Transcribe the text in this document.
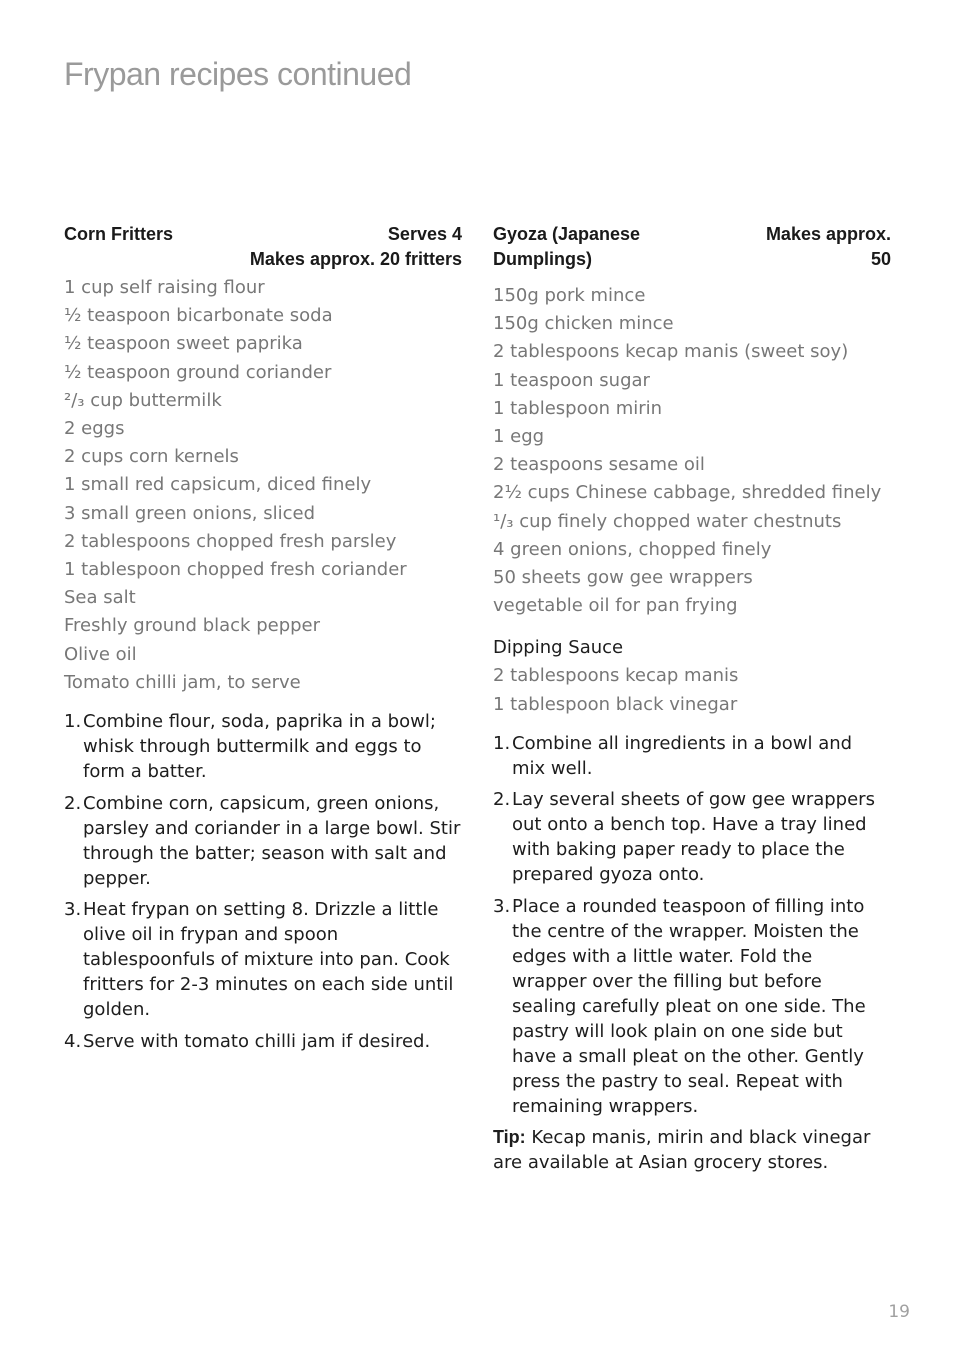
Frypan recipes continued
Corn Fritters	Serves 4
Makes approx. 20 fritters
1 cup self raising flour
½ teaspoon bicarbonate soda
½ teaspoon sweet paprika
½ teaspoon ground coriander
²/₃ cup buttermilk
2 eggs
2 cups corn kernels
1 small red capsicum, diced finely
3 small green onions, sliced
2 tablespoons chopped fresh parsley
1 tablespoon chopped fresh coriander
Sea salt
Freshly ground black pepper
Olive oil
Tomato chilli jam, to serve
1. Combine flour, soda, paprika in a bowl; whisk through buttermilk and eggs to form a batter.
2. Combine corn, capsicum, green onions, parsley and coriander in a large bowl. Stir through the batter; season with salt and pepper.
3. Heat frypan on setting 8. Drizzle a little olive oil in frypan and spoon tablespoonfuls of mixture into pan. Cook fritters for 2-3 minutes on each side until golden.
4. Serve with tomato chilli jam if desired.
Gyoza (Japanese Dumplings)
Makes approx. 50
150g pork mince
150g chicken mince
2 tablespoons kecap manis (sweet soy)
1 teaspoon sugar
1 tablespoon mirin
1 egg
2 teaspoons sesame oil
2½ cups Chinese cabbage, shredded finely
¹/₃ cup finely chopped water chestnuts
4 green onions, chopped finely
50 sheets gow gee wrappers
vegetable oil for pan frying
Dipping Sauce
2 tablespoons kecap manis
1 tablespoon black vinegar
1. Combine all ingredients in a bowl and mix well.
2. Lay several sheets of gow gee wrappers out onto a bench top. Have a tray lined with baking paper ready to place the prepared gyoza onto.
3. Place a rounded teaspoon of filling into the centre of the wrapper. Moisten the edges with a little water. Fold the wrapper over the filling but before sealing carefully pleat on one side. The pastry will look plain on one side but have a small pleat on the other. Gently press the pastry to seal. Repeat with remaining wrappers.
Tip: Kecap manis, mirin and black vinegar are available at Asian grocery stores.
19
